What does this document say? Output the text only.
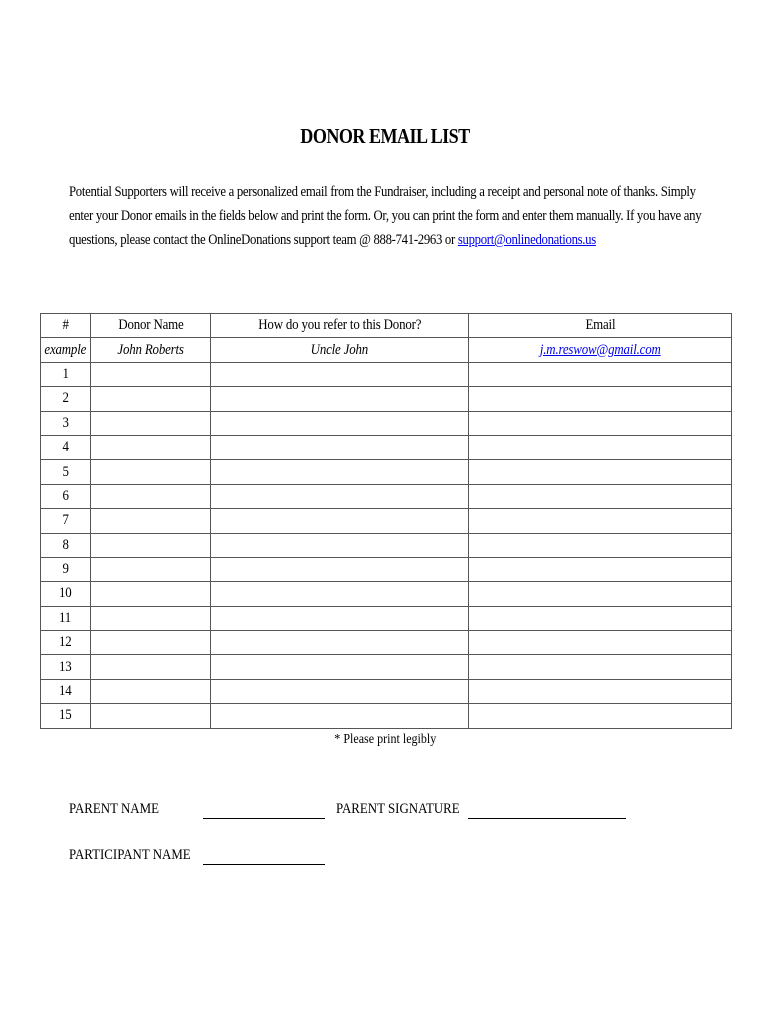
DONOR EMAIL LIST
Potential Supporters will receive a personalized email from the Fundraiser, including a receipt and personal note of thanks. Simply
enter your Donor emails in the fields below and print the form. Or, you can print the form and enter them manually. If you have any
questions, please contact the OnlineDonations support team @ 888-741-2963 or support@onlinedonations.us
#	Donor Name	How do you refer to this Donor?	Email
example	John Roberts	Uncle John	j.m.reswow@gmail.com
1			
2			
3			
4			
5			
6			
7			
8			
9			
10			
11			
12			
13			
14			
15			
* Please print legibly
PARENT NAME	PARENT SIGNATURE
PARTICIPANT NAME
